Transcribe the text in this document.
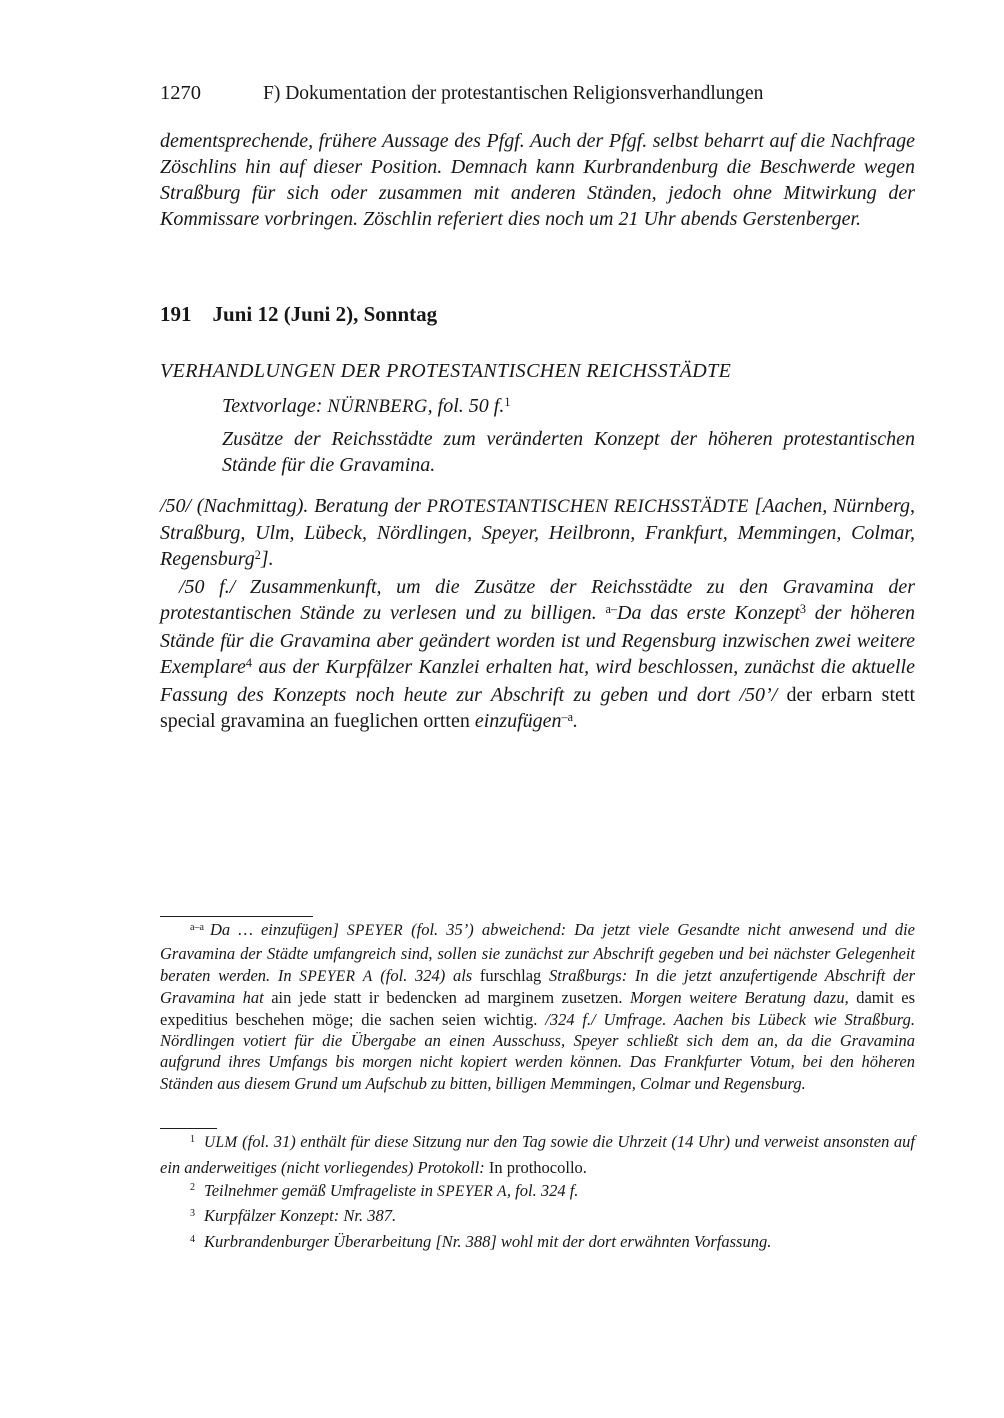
1270	F) Dokumentation der protestantischen Religionsverhandlungen

dementsprechende, frühere Aussage des Pfgf. Auch der Pfgf. selbst beharrt auf die Nachfrage Zöschlins hin auf dieser Position. Demnach kann Kurbrandenburg die Beschwerde wegen Straßburg für sich oder zusammen mit anderen Ständen, jedoch ohne Mitwirkung der Kommissare vorbringen. Zöschlin referiert dies noch um 21 Uhr abends Gerstenberger.

191 Juni 12 (Juni 2), Sonntag
VERHANDLUNGEN DER PROTESTANTISCHEN REICHSSTÄDTE

Textvorlage: NÜRNBERG, fol. 50 f.$^1$

Zusätze der Reichsstädte zum veränderten Konzept der höheren protestantischen Stände für die Gravamina.

/50/ (Nachmittag). Beratung der PROTESTANTISCHEN REICHSSTÄDTE [Aachen, Nürnberg, Straßburg, Ulm, Lübeck, Nördlingen, Speyer, Heilbronn, Frankfurt, Memmingen, Colmar, Regensburg$^2$].

/50 f./ Zusammenkunft, um die Zusätze der Reichsstädte zu den Gravamina der protestantischen Stände zu verlesen und zu billigen. $^{a-}$Da das erste Konzept$^3$ der höheren Stände für die Gravamina aber geändert worden ist und Regensburg inzwischen zwei weitere Exemplare$^4$ aus der Kurpfälzer Kanzlei erhalten hat, wird beschlossen, zunächst die aktuelle Fassung des Konzepts noch heute zur Abschrift zu geben und dort /50’/ der erbarn stett special gravamina an fueglichen ortten einzufügen$^{-a}$.

$^{a-a}$ Da … einzufügen] SPEYER (fol. 35’) abweichend: Da jetzt viele Gesandte nicht anwesend und die Gravamina der Städte umfangreich sind, sollen sie zunächst zur Abschrift gegeben und bei nächster Gelegenheit beraten werden. In SPEYER A (fol. 324) als furschlag Straßburgs: In die jetzt anzufertigende Abschrift der Gravamina hat ain jede statt ir bedencken ad marginem zusetzen. Morgen weitere Beratung dazu, damit es expeditius beschehen möge; die sachen seien wichtig. /324 f./ Umfrage. Aachen bis Lübeck wie Straßburg. Nördlingen votiert für die Übergabe an einen Ausschuss, Speyer schließt sich dem an, da die Gravamina aufgrund ihres Umfangs bis morgen nicht kopiert werden können. Das Frankfurter Votum, bei den höheren Ständen aus diesem Grund um Aufschub zu bitten, billigen Memmingen, Colmar und Regensburg.

$^1$ ULM (fol. 31) enthält für diese Sitzung nur den Tag sowie die Uhrzeit (14 Uhr) und verweist ansonsten auf ein anderweitiges (nicht vorliegendes) Protokoll: In prothocollo.

$^2$ Teilnehmer gemäß Umfrageliste in SPEYER A, fol. 324 f.

$^3$ Kurpfälzer Konzept: Nr. 387.

$^4$ Kurbrandenburger Überarbeitung [Nr. 388] wohl mit der dort erwähnten Vorfassung.
